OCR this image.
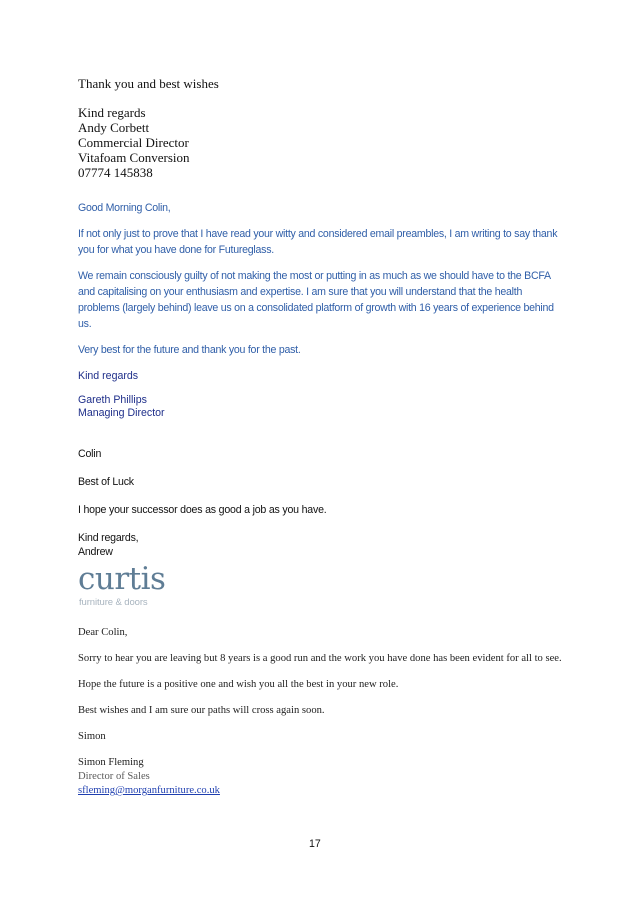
Thank you and best wishes
Kind regards
Andy Corbett
Commercial Director
Vitafoam Conversion
07774 145838

Good Morning Colin,

If not only just to prove that I have read your witty and considered email preambles, I am writing to say thank you for what you have done for Futureglass.

We remain consciously guilty of not making the most or putting in as much as we should have to the BCFA and capitalising on your enthusiasm and expertise. I am sure that you will understand that the health problems (largely behind) leave us on a consolidated platform of growth with 16 years of experience behind us.

Very best for the future and thank you for the past.

Kind regards

Gareth Phillips
Managing Director

Colin

Best of Luck

I hope your successor does as good a job as you have.

Kind regards,
Andrew
curtis
furniture & doors

Dear Colin,

Sorry to hear you are leaving but 8 years is a good run and the work you have done has been evident for all to see.

Hope the future is a positive one and wish you all the best in your new role.

Best wishes and I am sure our paths will cross again soon.

Simon

Simon Fleming
Director of Sales
sfleming@morganfurniture.co.uk
17
